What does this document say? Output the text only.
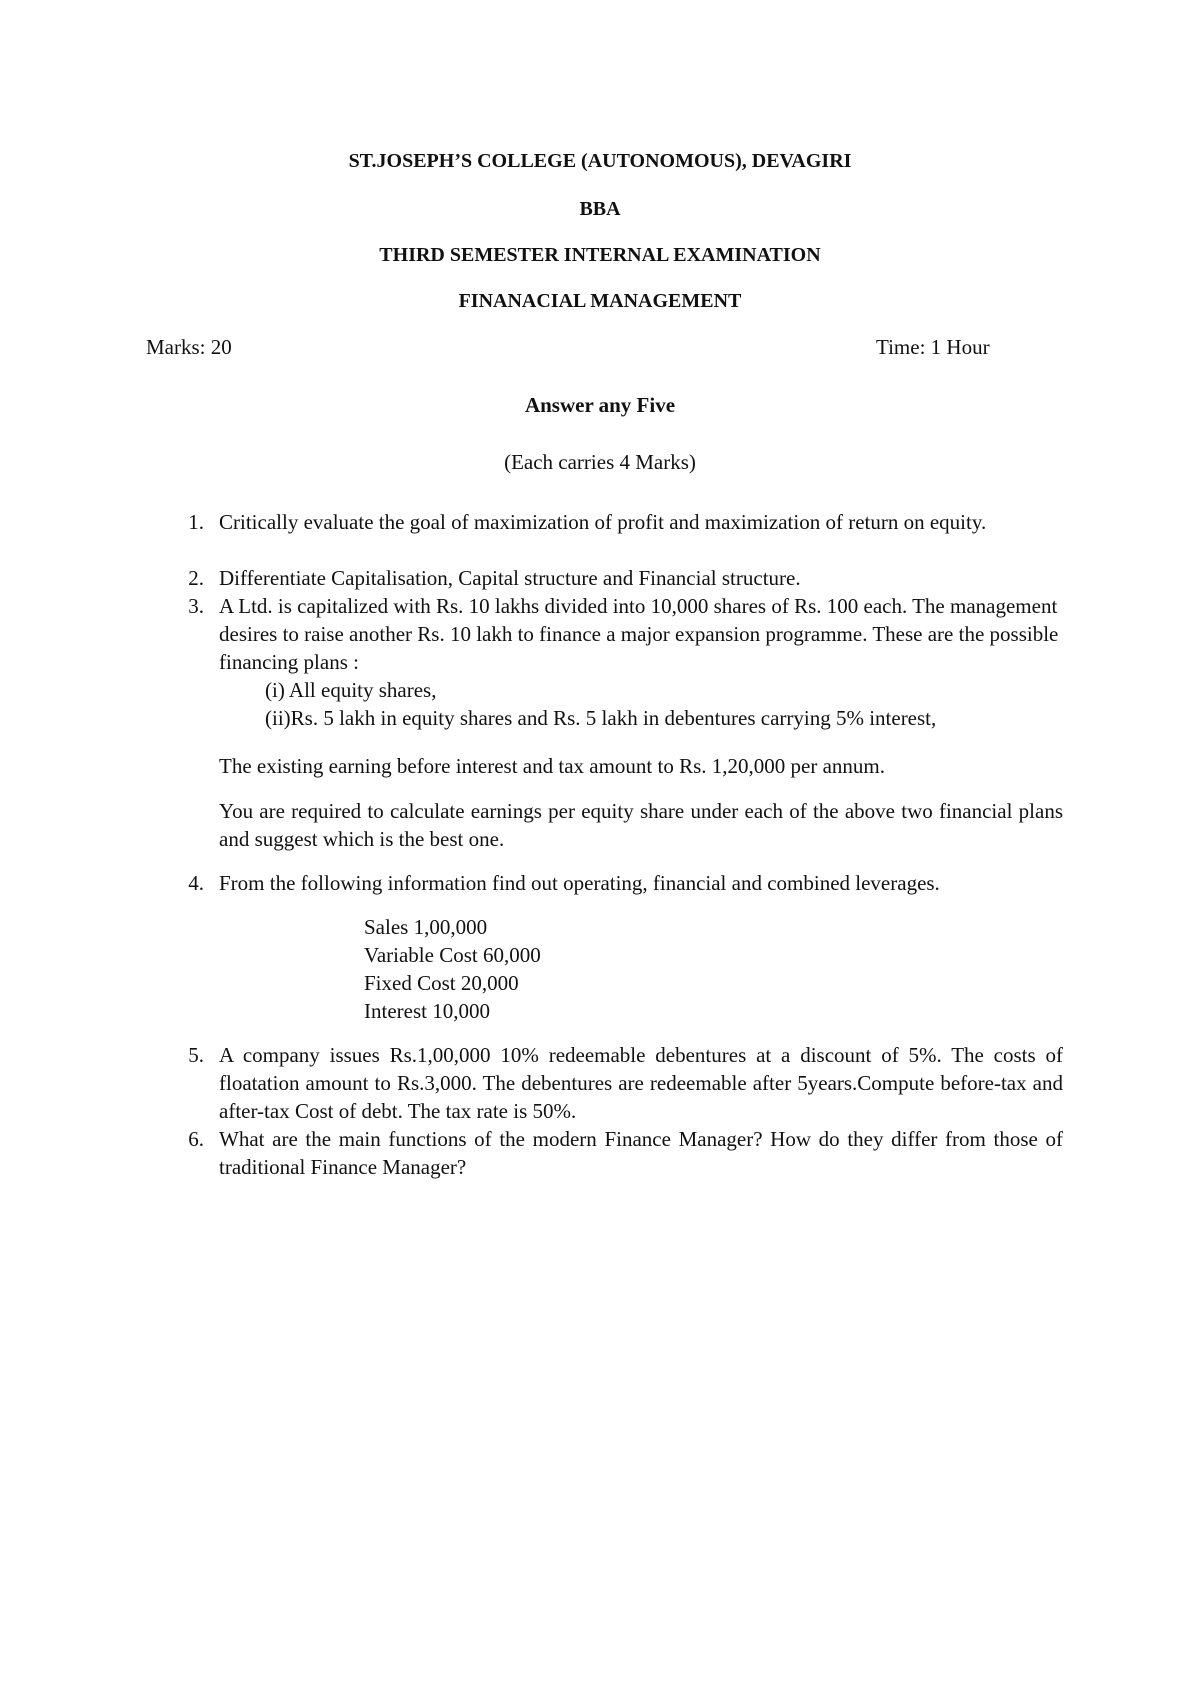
ST.JOSEPH’S COLLEGE (AUTONOMOUS), DEVAGIRI
BBA
THIRD SEMESTER INTERNAL EXAMINATION
FINANACIAL MANAGEMENT
Marks: 20	Time: 1 Hour
Answer any Five
(Each carries 4 Marks)
1. Critically evaluate the goal of maximization of profit and maximization of return on equity.
2. Differentiate Capitalisation, Capital structure and Financial structure.
3. A Ltd. is capitalized with Rs. 10 lakhs divided into 10,000 shares of Rs. 100 each. The management desires to raise another Rs. 10 lakh to finance a major expansion programme. These are the possible financing plans :
(i) All equity shares,
(ii)Rs. 5 lakh in equity shares and Rs. 5 lakh in debentures carrying 5% interest,
The existing earning before interest and tax amount to Rs. 1,20,000 per annum.
You are required to calculate earnings per equity share under each of the above two financial plans and suggest which is the best one.
4. From the following information find out operating, financial and combined leverages.
Sales 1,00,000
Variable Cost 60,000
Fixed Cost 20,000
Interest 10,000
5. A company issues Rs.1,00,000 10% redeemable debentures at a discount of 5%. The costs of floatation amount to Rs.3,000. The debentures are redeemable after 5years.Compute before-tax and after-tax Cost of debt. The tax rate is 50%.
6. What are the main functions of the modern Finance Manager? How do they differ from those of traditional Finance Manager?
